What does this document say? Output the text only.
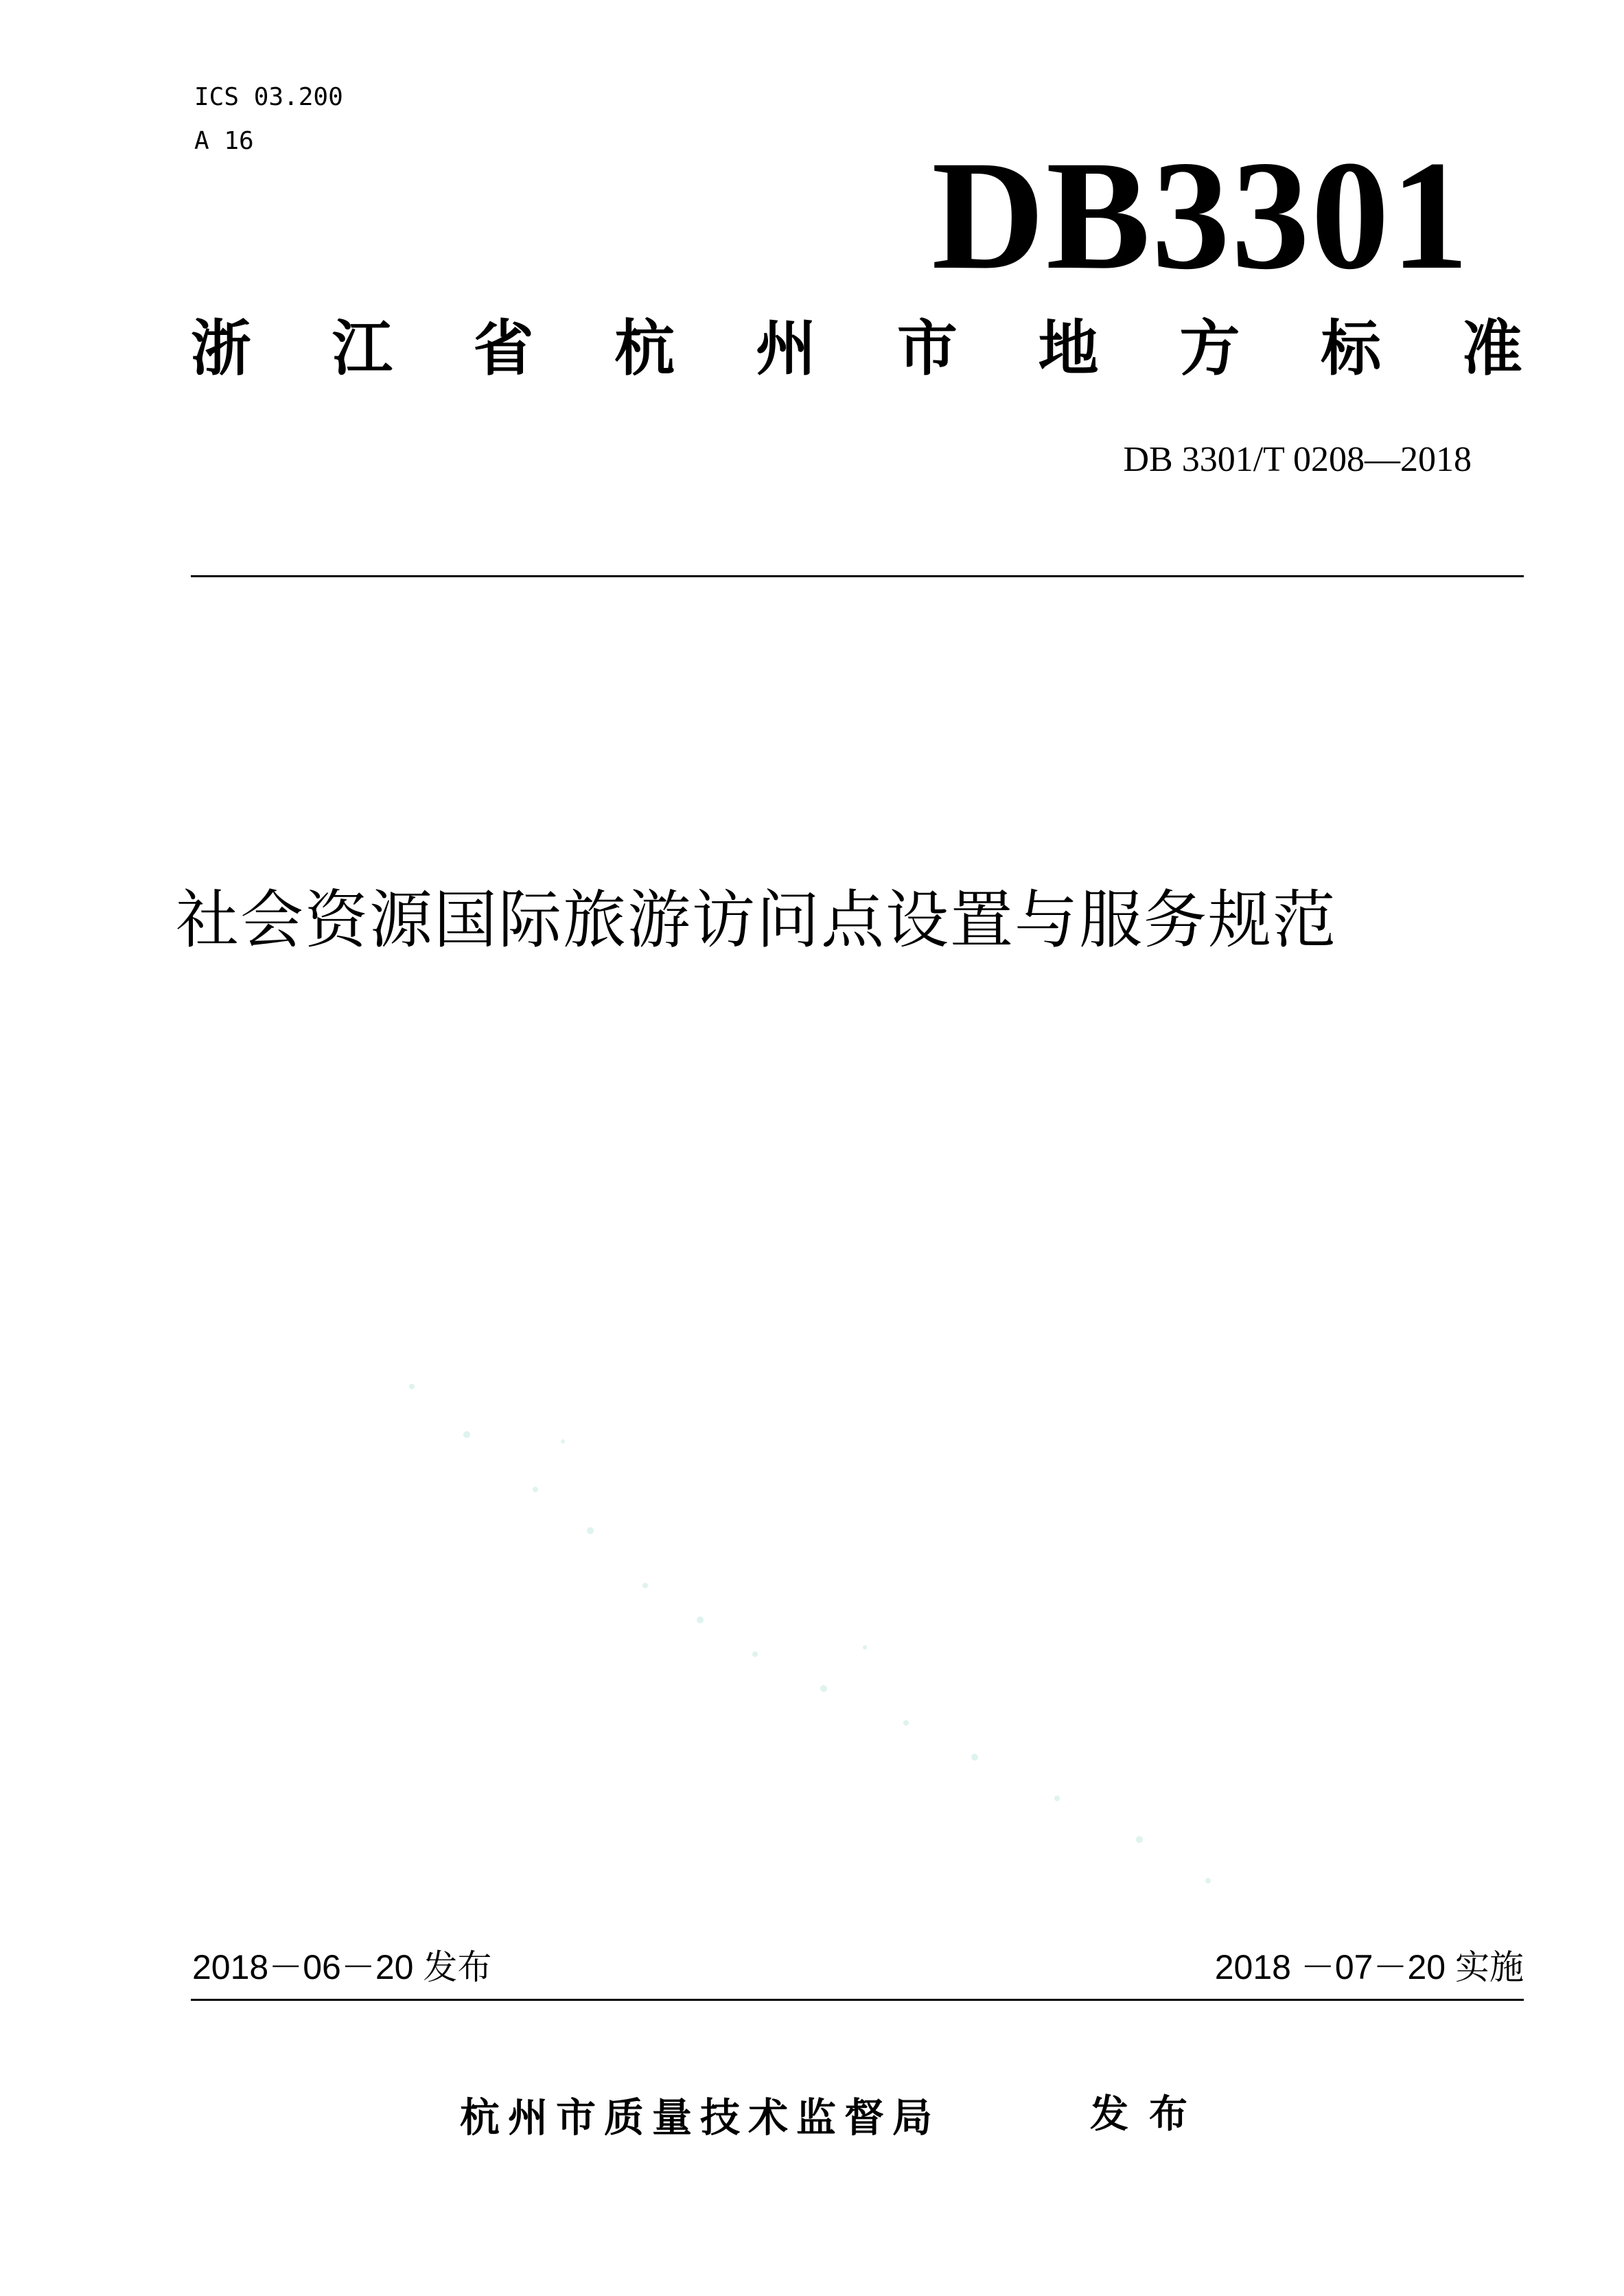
ICS 03.200
A 16	DB3301
浙 江 省 杭 州 市 地 方 标 准
DB 3301/T 0208—2018
社会资源国际旅游访问点设置与服务规范
2018－06－20 发布	2018 －07－20 实施
杭州市质量技术监督局	发布
